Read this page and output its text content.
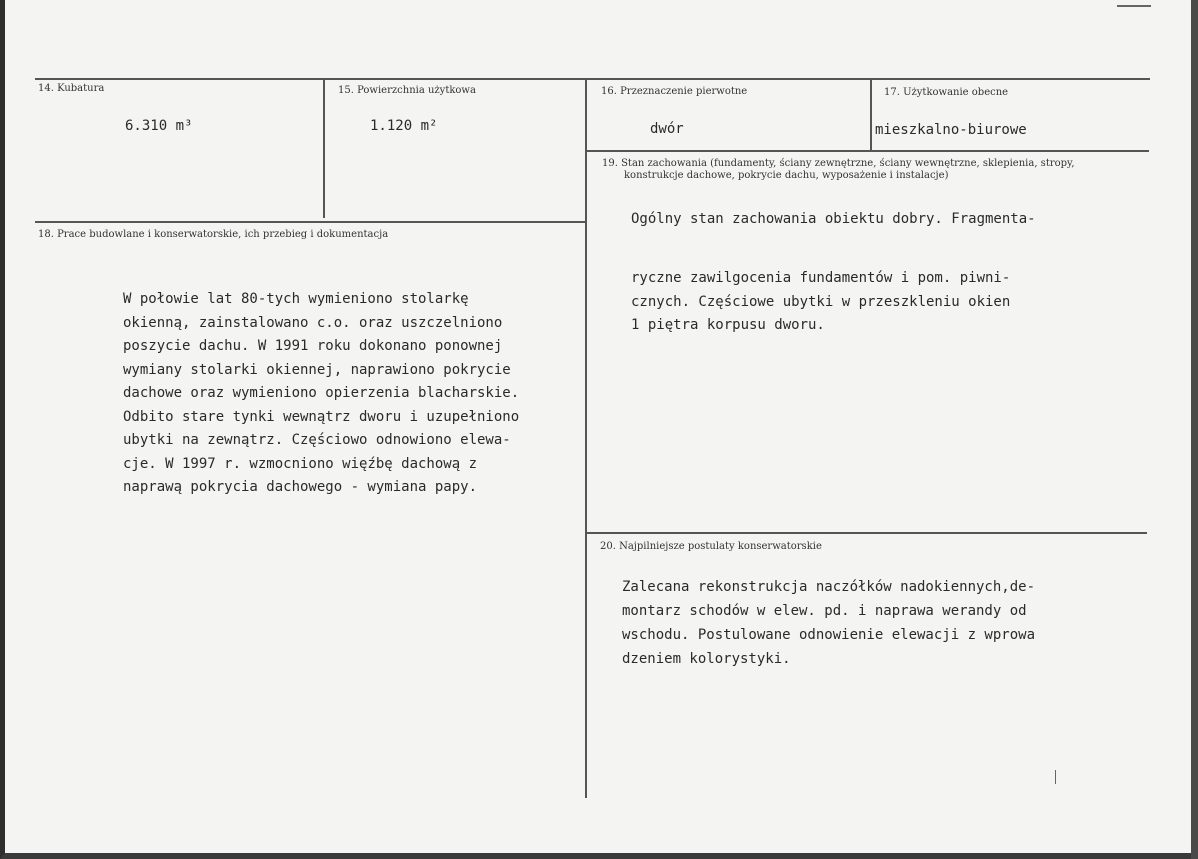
14. Kubatura
6.310 m³
15. Powierzchnia użytkowa
1.120 m²
16. Przeznaczenie pierwotne
dwór
17. Użytkowanie obecne
mieszkalno-biurowe
19. Stan zachowania (fundamenty, ściany zewnętrzne, ściany wewnętrzne, sklepienia, stropy,
konstrukcje dachowe, pokrycie dachu, wyposażenie i instalacje)
Ogólny stan zachowania obiektu dobry. Fragmenta-
ryczne zawilgocenia fundamentów i pom. piwni-
cznych. Częściowe ubytki w przeszkleniu okien
1 piętra korpusu dworu.
18. Prace budowlane i konserwatorskie, ich przebieg i dokumentacja
W połowie lat 80-tych wymieniono stolarkę
okienną, zainstalowano c.o. oraz uszczelniono
poszycie dachu. W 1991 roku dokonano ponownej
wymiany stolarki okiennej, naprawiono pokrycie
dachowe oraz wymieniono opierzenia blacharskie.
Odbito stare tynki wewnątrz dworu i uzupełniono
ubytki na zewnątrz. Częściowo odnowiono elewa-
cje. W 1997 r. wzmocniono więźbę dachową z
naprawą pokrycia dachowego - wymiana papy.
20. Najpilniejsze postulaty konserwatorskie
Zalecana rekonstrukcja naczółków nadokiennych,de-
montarz schodów w elew. pd. i naprawa werandy od
wschodu. Postulowane odnowienie elewacji z wprowa
dzeniem kolorystyki.
